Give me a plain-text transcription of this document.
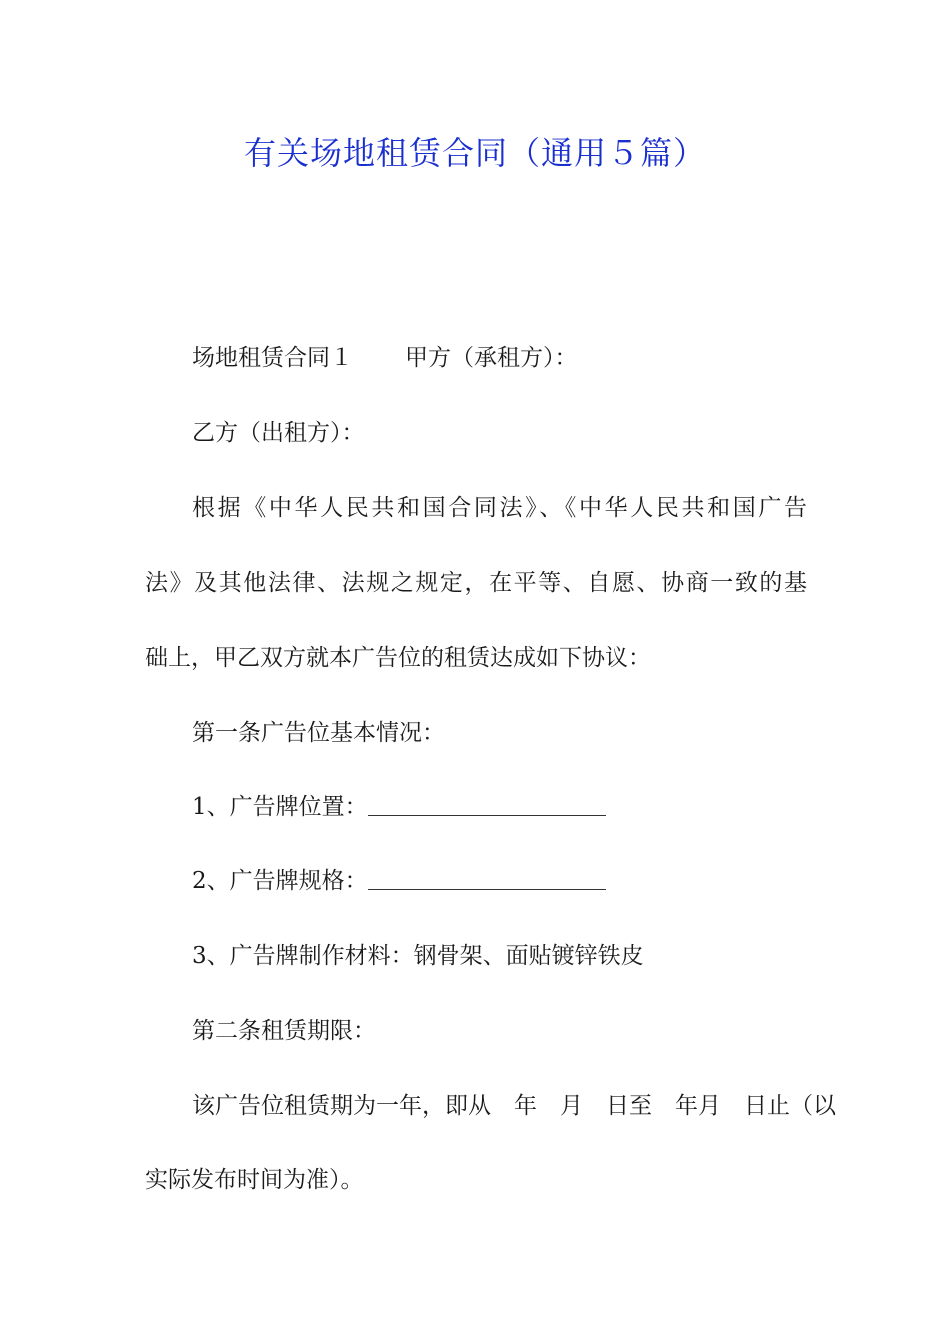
有关场地租赁合同（通用５篇）
场地租赁合同１ 甲方（承租方）：
乙方（出租方）：
根据《中华人民共和国合同法》、《中华人民共和国广告
法》及其他法律、法规之规定，在平等、自愿、协商一致的基
础上，甲乙双方就本广告位的租赁达成如下协议：
第一条广告位基本情况：
1、广告牌位置：
2、广告牌规格：
3、广告牌制作材料：钢骨架、面贴镀锌铁皮
第二条租赁期限：
该广告位租赁期为一年，即从　年　月　日至　年月　日止（以
实际发布时间为准）。
